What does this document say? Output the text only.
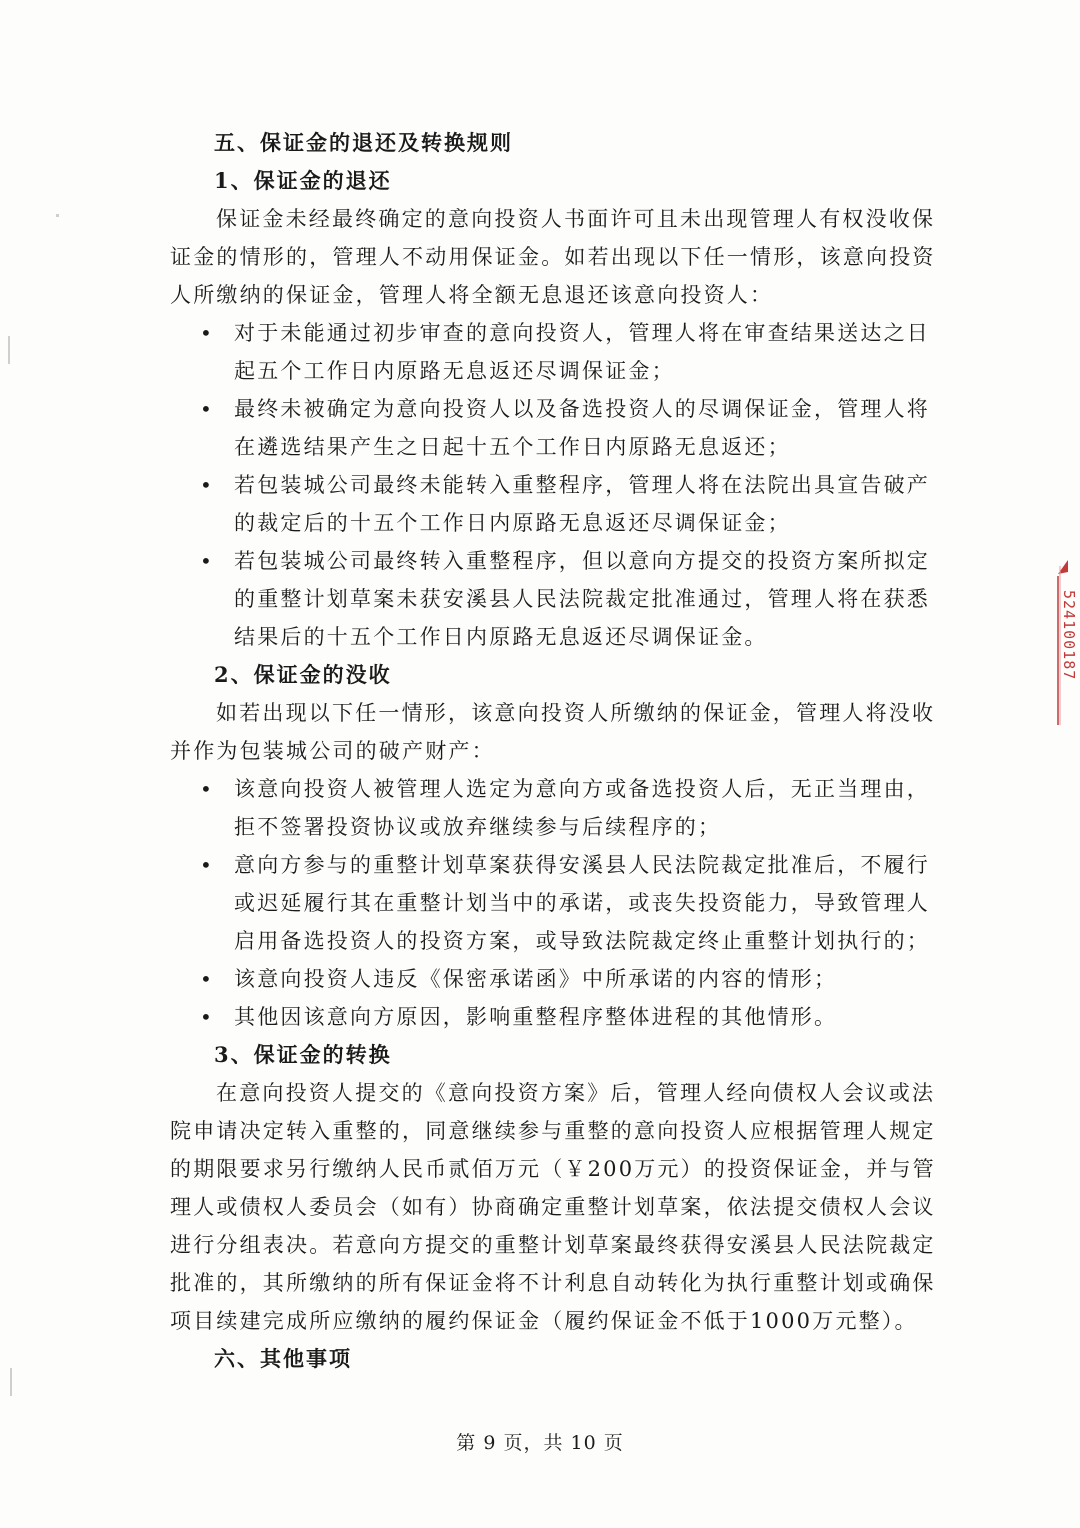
五、保证金的退还及转换规则
1、保证金的退还
保证金未经最终确定的意向投资人书面许可且未出现管理人有权没收保
证金的情形的，管理人不动用保证金。如若出现以下任一情形，该意向投资
人所缴纳的保证金，管理人将全额无息退还该意向投资人：
• 对于未能通过初步审查的意向投资人，管理人将在审查结果送达之日
起五个工作日内原路无息返还尽调保证金；
• 最终未被确定为意向投资人以及备选投资人的尽调保证金，管理人将
在遴选结果产生之日起十五个工作日内原路无息返还；
• 若包装城公司最终未能转入重整程序，管理人将在法院出具宣告破产
的裁定后的十五个工作日内原路无息返还尽调保证金；
• 若包装城公司最终转入重整程序，但以意向方提交的投资方案所拟定
的重整计划草案未获安溪县人民法院裁定批准通过，管理人将在获悉
结果后的十五个工作日内原路无息返还尽调保证金。
2、保证金的没收
如若出现以下任一情形，该意向投资人所缴纳的保证金，管理人将没收
并作为包装城公司的破产财产：
• 该意向投资人被管理人选定为意向方或备选投资人后，无正当理由，
拒不签署投资协议或放弃继续参与后续程序的；
• 意向方参与的重整计划草案获得安溪县人民法院裁定批准后，不履行
或迟延履行其在重整计划当中的承诺，或丧失投资能力，导致管理人
启用备选投资人的投资方案，或导致法院裁定终止重整计划执行的；
• 该意向投资人违反《保密承诺函》中所承诺的内容的情形；
• 其他因该意向方原因，影响重整程序整体进程的其他情形。
3、保证金的转换
在意向投资人提交的《意向投资方案》后，管理人经向债权人会议或法
院申请决定转入重整的，同意继续参与重整的意向投资人应根据管理人规定
的期限要求另行缴纳人民币贰佰万元（￥200万元）的投资保证金，并与管
理人或债权人委员会（如有）协商确定重整计划草案，依法提交债权人会议
进行分组表决。若意向方提交的重整计划草案最终获得安溪县人民法院裁定
批准的，其所缴纳的所有保证金将不计利息自动转化为执行重整计划或确保
项目续建完成所应缴纳的履约保证金（履约保证金不低于1000万元整）。
六、其他事项
第 9 页，共 10 页
524100187
